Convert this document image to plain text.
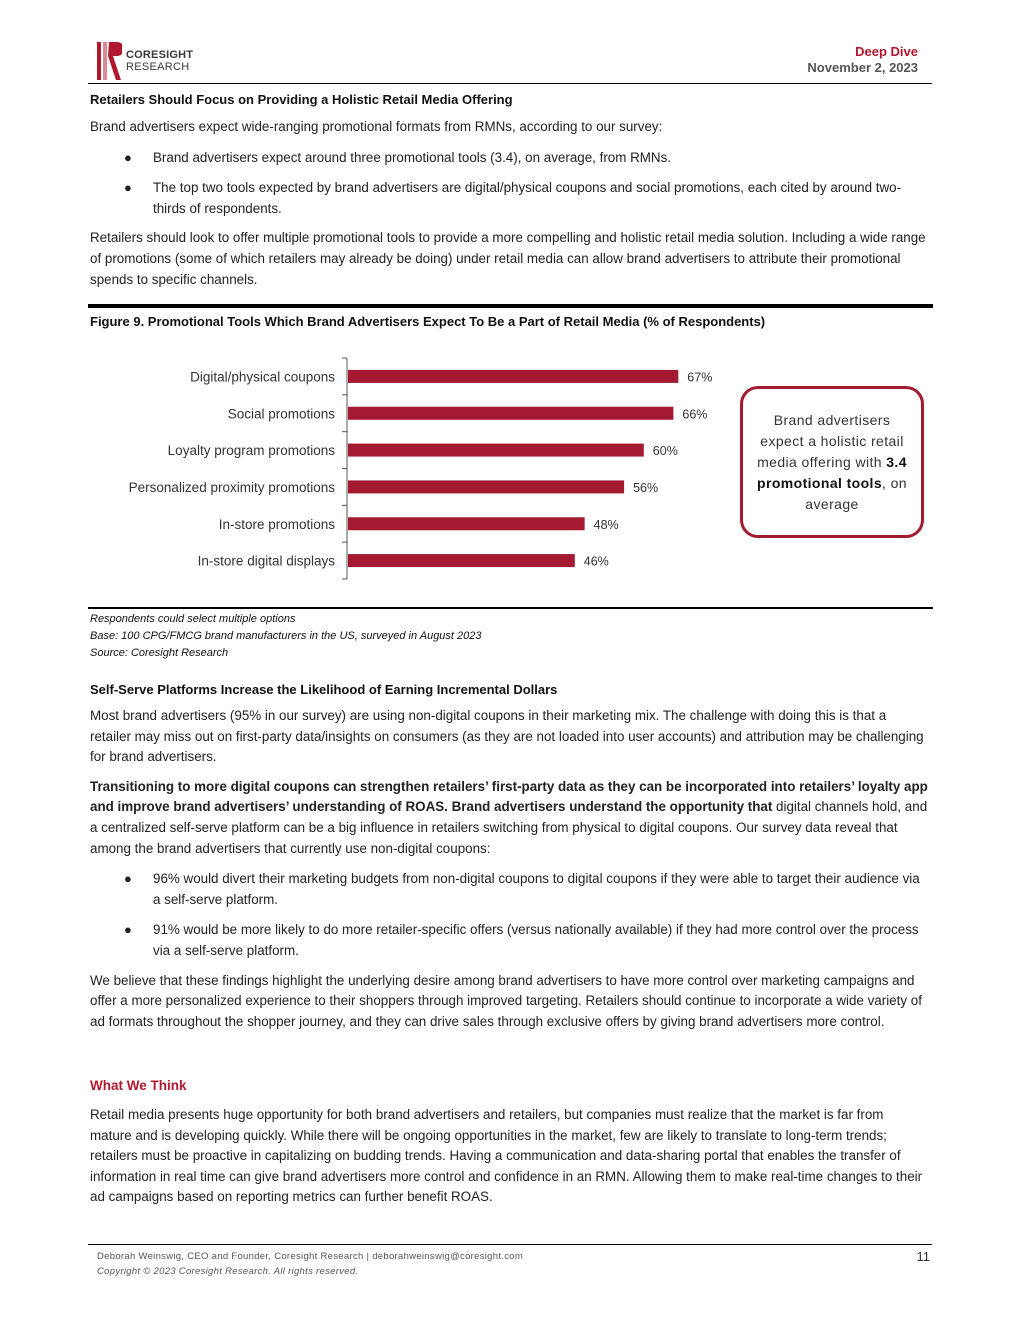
CORESIGHT
RESEARCH
Deep Dive
November 2, 2023

Retailers Should Focus on Providing a Holistic Retail Media Offering

Brand advertisers expect wide-ranging promotional formats from RMNs, according to our survey:

● Brand advertisers expect around three promotional tools (3.4), on average, from RMNs.
● The top two tools expected by brand advertisers are digital/physical coupons and social promotions, each cited by around two-thirds of respondents.

Retailers should look to offer multiple promotional tools to provide a more compelling and holistic retail media solution. Including a wide range of promotions (some of which retailers may already be doing) under retail media can allow brand advertisers to attribute their promotional spends to specific channels.

Figure 9. Promotional Tools Which Brand Advertisers Expect To Be a Part of Retail Media (% of Respondents)
Digital/physical coupons	67%
Social promotions	66%
Loyalty program promotions	60%
Personalized proximity promotions	56%
In-store promotions	48%
In-store digital displays	46%
Brand advertisers expect a holistic retail media offering with 3.4 promotional tools, on average
Respondents could select multiple options
Base: 100 CPG/FMCG brand manufacturers in the US, surveyed in August 2023
Source: Coresight Research

Self-Serve Platforms Increase the Likelihood of Earning Incremental Dollars

Most brand advertisers (95% in our survey) are using non-digital coupons in their marketing mix. The challenge with doing this is that a retailer may miss out on first-party data/insights on consumers (as they are not loaded into user accounts) and attribution may be challenging for brand advertisers.

Transitioning to more digital coupons can strengthen retailers’ first-party data as they can be incorporated into retailers’ loyalty app and improve brand advertisers’ understanding of ROAS. Brand advertisers understand the opportunity that digital channels hold, and a centralized self-serve platform can be a big influence in retailers switching from physical to digital coupons. Our survey data reveal that among the brand advertisers that currently use non-digital coupons:

● 96% would divert their marketing budgets from non-digital coupons to digital coupons if they were able to target their audience via a self-serve platform.
● 91% would be more likely to do more retailer-specific offers (versus nationally available) if they had more control over the process via a self-serve platform.

We believe that these findings highlight the underlying desire among brand advertisers to have more control over marketing campaigns and offer a more personalized experience to their shoppers through improved targeting. Retailers should continue to incorporate a wide variety of ad formats throughout the shopper journey, and they can drive sales through exclusive offers by giving brand advertisers more control.

What We Think

Retail media presents huge opportunity for both brand advertisers and retailers, but companies must realize that the market is far from mature and is developing quickly. While there will be ongoing opportunities in the market, few are likely to translate to long-term trends; retailers must be proactive in capitalizing on budding trends. Having a communication and data-sharing portal that enables the transfer of information in real time can give brand advertisers more control and confidence in an RMN. Allowing them to make real-time changes to their ad campaigns based on reporting metrics can further benefit ROAS.

Deborah Weinswig, CEO and Founder, Coresight Research | deborahweinswig@coresight.com
Copyright © 2023 Coresight Research. All rights reserved.
11
